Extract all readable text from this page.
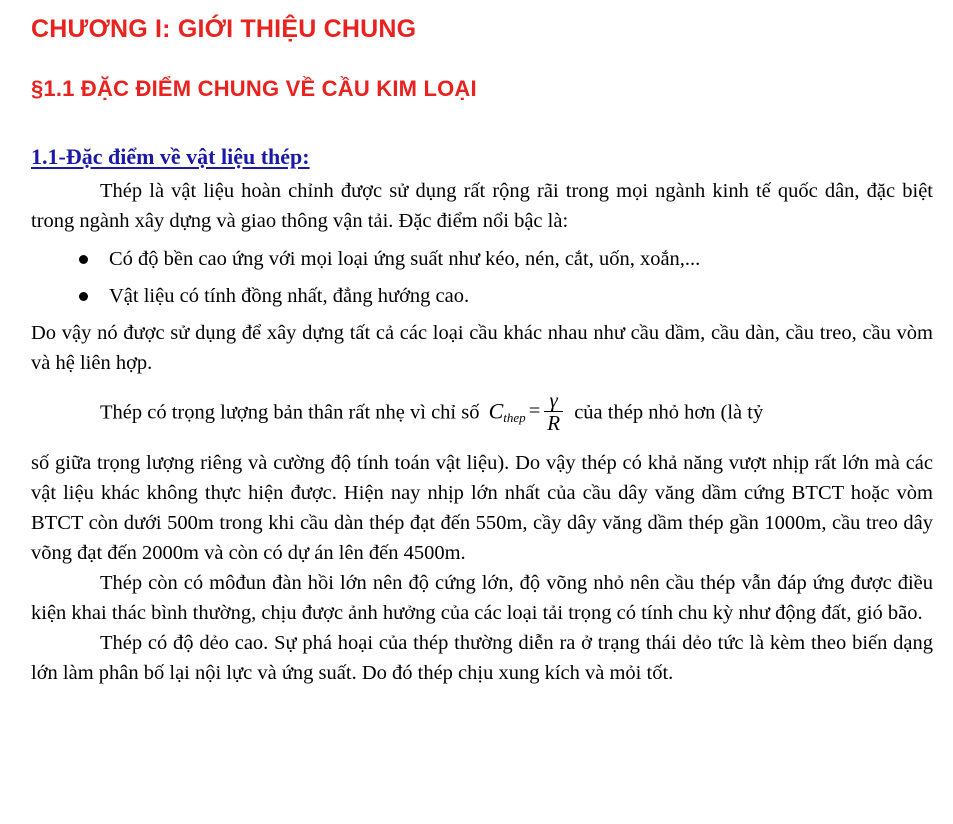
CHƯƠNG I: GIỚI THIỆU CHUNG
§1.1 ĐẶC ĐIỂM CHUNG VỀ CẦU KIM LOẠI
1.1-Đặc điểm về vật liệu thép:

Thép là vật liệu hoàn chỉnh được sử dụng rất rộng rãi trong mọi ngành kinh tế quốc dân, đặc biệt trong ngành xây dựng và giao thông vận tải. Đặc điểm nổi bậc là:

Có độ bền cao ứng với mọi loại ứng suất như kéo, nén, cắt, uốn, xoắn,...
Vật liệu có tính đồng nhất, đẳng hướng cao.

Do vậy nó được sử dụng để xây dựng tất cả các loại cầu khác nhau như cầu dầm, cầu dàn, cầu treo, cầu vòm và hệ liên hợp.

Thép có trọng lượng bản thân rất nhẹ vì chỉ số $C_{thep} = \frac{\gamma}{R}$ của thép nhỏ hơn (là tỷ

số giữa trọng lượng riêng và cường độ tính toán vật liệu). Do vậy thép có khả năng vượt nhịp rất lớn mà các vật liệu khác không thực hiện được. Hiện nay nhịp lớn nhất của cầu dây văng dầm cứng BTCT hoặc vòm BTCT còn dưới 500m trong khi cầu dàn thép đạt đến 550m, cầy dây văng dầm thép gần 1000m, cầu treo dây võng đạt đến 2000m và còn có dự án lên đến 4500m.

Thép còn có môđun đàn hồi lớn nên độ cứng lớn, độ võng nhỏ nên cầu thép vẫn đáp ứng được điều kiện khai thác bình thường, chịu được ảnh hưởng của các loại tải trọng có tính chu kỳ như động đất, gió bão.

Thép có độ dẻo cao. Sự phá hoại của thép thường diễn ra ở trạng thái dẻo tức là kèm theo biến dạng lớn làm phân bố lại nội lực và ứng suất. Do đó thép chịu xung kích và mỏi tốt.
